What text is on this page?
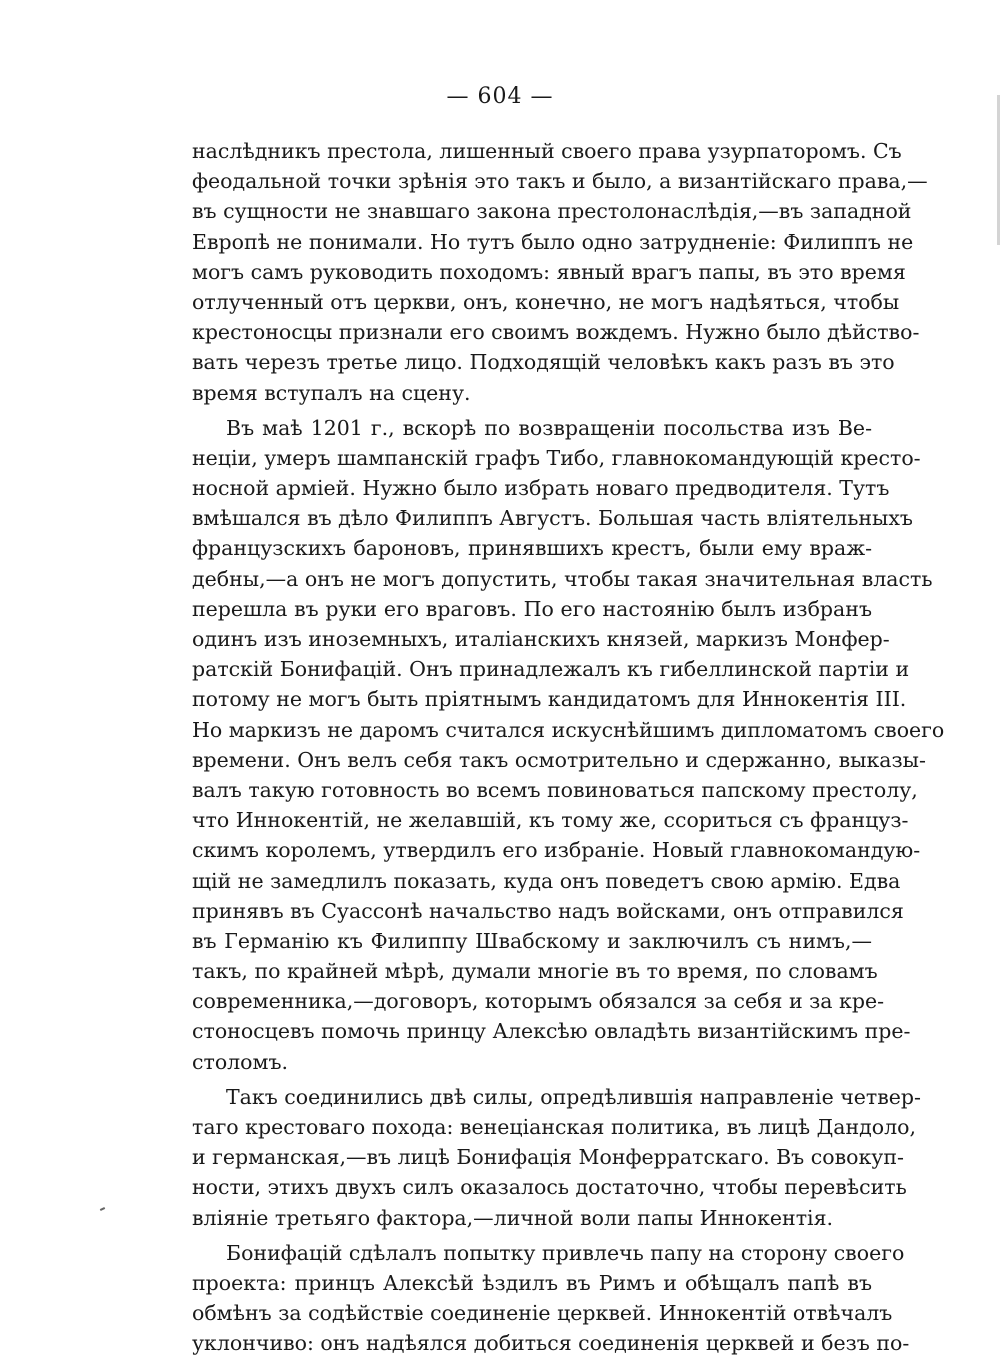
— 604 —
наслѣдникъ престола, лишенный своего права узурпаторомъ. Съ
феодальной точки зрѣнія это такъ и было, а византійскаго права,—
въ сущности не знавшаго закона престолонаслѣдія,—въ западной
Европѣ не понимали. Но тутъ было одно затрудненіе: Филиппъ не
могъ самъ руководить походомъ: явный врагъ папы, въ это время
отлученный отъ церкви, онъ, конечно, не могъ надѣяться, чтобы
крестоносцы признали его своимъ вождемъ. Нужно было дѣйство-
вать черезъ третье лицо. Подходящій человѣкъ какъ разъ въ это
время вступалъ на сцену.
Въ маѣ 1201 г., вскорѣ по возвращеніи посольства изъ Ве-
неціи, умеръ шампанскій графъ Тибо, главнокомандующій кресто-
носной арміей. Нужно было избрать новаго предводителя. Тутъ
вмѣшался въ дѣло Филиппъ Августъ. Большая часть вліятельныхъ
французскихъ бароновъ, принявшихъ крестъ, были ему враж-
дебны,—а онъ не могъ допустить, чтобы такая значительная власть
перешла въ руки его враговъ. По его настоянію былъ избранъ
одинъ изъ иноземныхъ, италіанскихъ князей, маркизъ Монфер-
ратскій Бонифацій. Онъ принадлежалъ къ гибеллинской партіи и
потому не могъ быть пріятнымъ кандидатомъ для Иннокентія III.
Но маркизъ не даромъ считался искуснѣйшимъ дипломатомъ своего
времени. Онъ велъ себя такъ осмотрительно и сдержанно, выказы-
валъ такую готовность во всемъ повиноваться папскому престолу,
что Иннокентій, не желавшій, къ тому же, ссориться съ француз-
скимъ королемъ, утвердилъ его избраніе. Новый главнокомандую-
щій не замедлилъ показать, куда онъ поведетъ свою армію. Едва
принявъ въ Суассонѣ начальство надъ войсками, онъ отправился
въ Германію къ Филиппу Швабскому и заключилъ съ нимъ,—
такъ, по крайней мѣрѣ, думали многіе въ то время, по словамъ
современника,—договоръ, которымъ обязался за себя и за кре-
стоносцевъ помочь принцу Алексѣю овладѣть византійскимъ пре-
столомъ.
Такъ соединились двѣ силы, опредѣлившія направленіе четвер-
таго крестоваго похода: венеціанская политика, въ лицѣ Дандоло,
и германская,—въ лицѣ Бонифація Монферратскаго. Въ совокуп-
ности, этихъ двухъ силъ оказалось достаточно, чтобы перевѣсить
вліяніе третьяго фактора,—личной воли папы Иннокентія.
Бонифацій сдѣлалъ попытку привлечь папу на сторону своего
проекта: принцъ Алексѣй ѣздилъ въ Римъ и обѣщалъ папѣ въ
обмѣнъ за содѣйствіе соединеніе церквей. Иннокентій отвѣчалъ
уклончиво: онъ надѣялся добиться соединенія церквей и безъ по-
